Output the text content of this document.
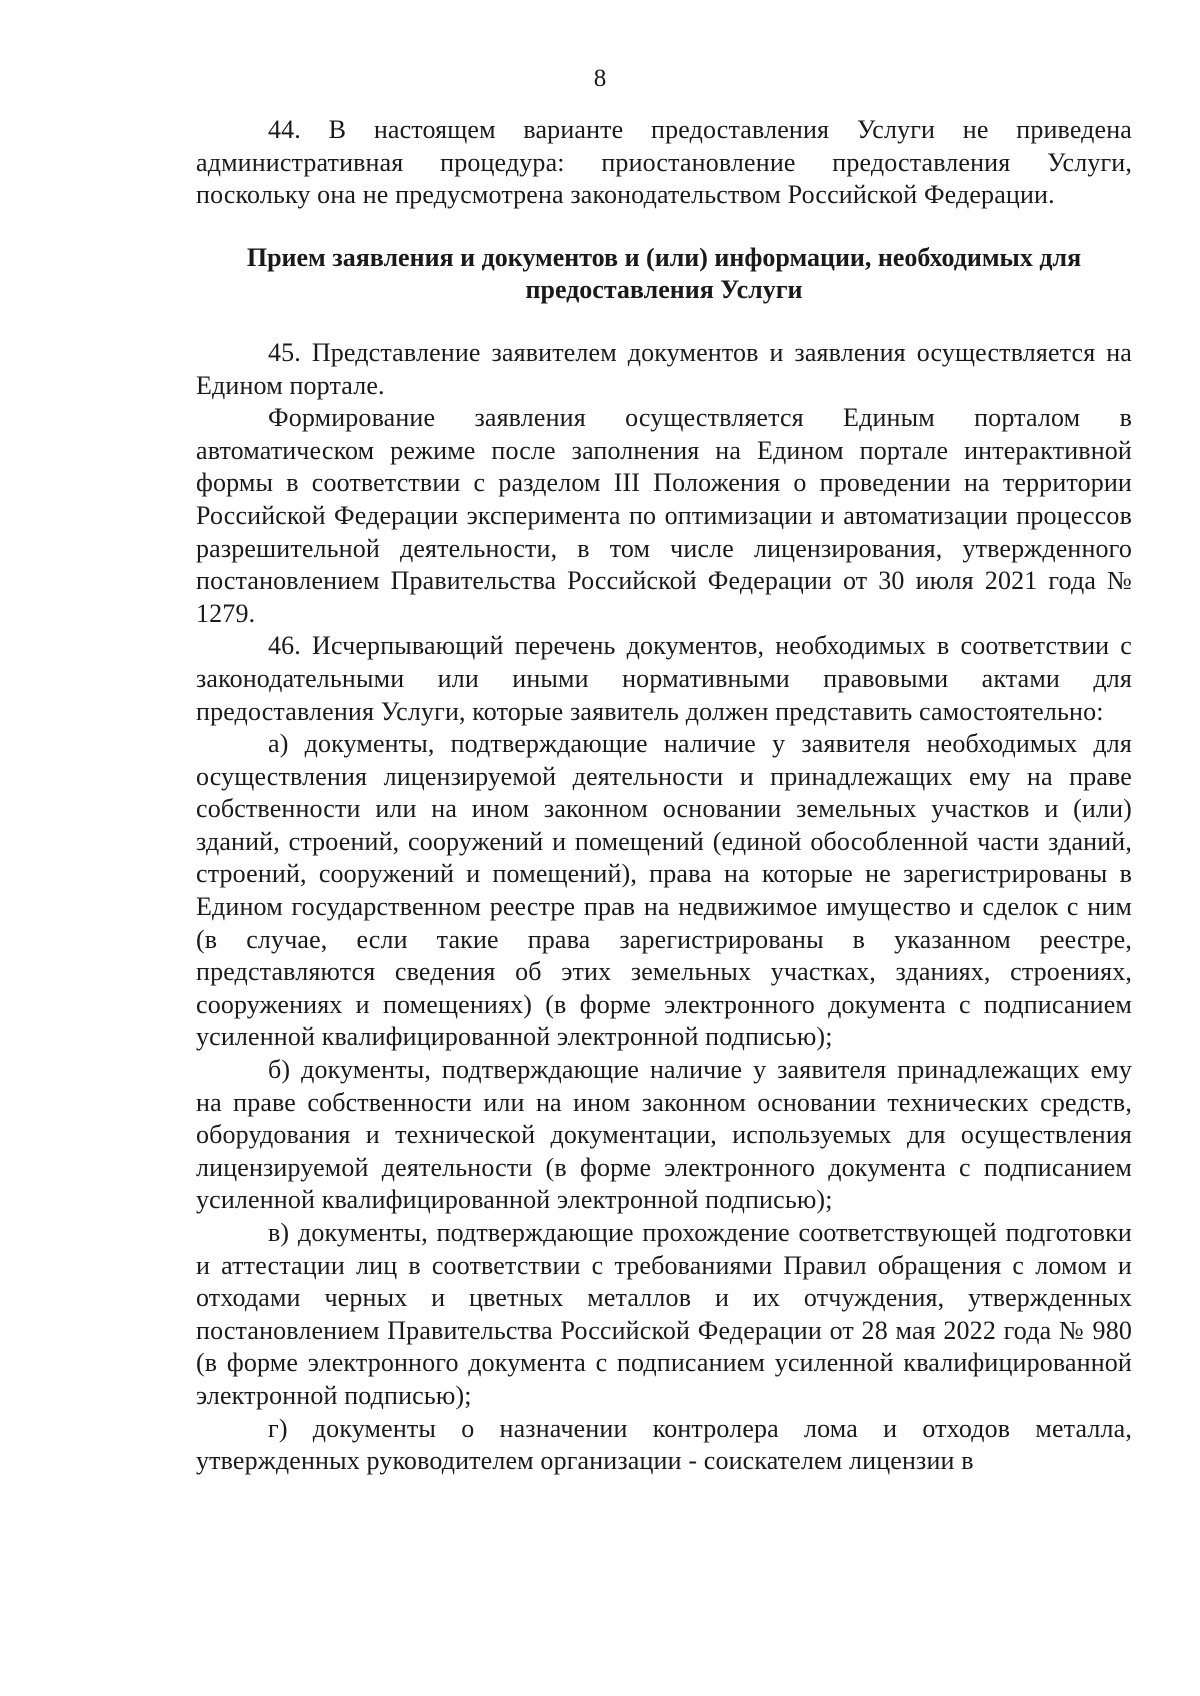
8

44. В настоящем варианте предоставления Услуги не приведена административная процедура: приостановление предоставления Услуги, поскольку она не предусмотрена законодательством Российской Федерации.

Прием заявления и документов и (или) информации, необходимых для предоставления Услуги

45. Представление заявителем документов и заявления осуществляется на Едином портале.

Формирование заявления осуществляется Единым порталом в автоматическом режиме после заполнения на Едином портале интерактивной формы в соответствии с разделом III Положения о проведении на территории Российской Федерации эксперимента по оптимизации и автоматизации процессов разрешительной деятельности, в том числе лицензирования, утвержденного постановлением Правительства Российской Федерации от 30 июля 2021 года № 1279.

46. Исчерпывающий перечень документов, необходимых в соответствии с законодательными или иными нормативными правовыми актами для предоставления Услуги, которые заявитель должен представить самостоятельно:

а) документы, подтверждающие наличие у заявителя необходимых для осуществления лицензируемой деятельности и принадлежащих ему на праве собственности или на ином законном основании земельных участков и (или) зданий, строений, сооружений и помещений (единой обособленной части зданий, строений, сооружений и помещений), права на которые не зарегистрированы в Едином государственном реестре прав на недвижимое имущество и сделок с ним (в случае, если такие права зарегистрированы в указанном реестре, представляются сведения об этих земельных участках, зданиях, строениях, сооружениях и помещениях) (в форме электронного документа с подписанием усиленной квалифицированной электронной подписью);

б) документы, подтверждающие наличие у заявителя принадлежащих ему на праве собственности или на ином законном основании технических средств, оборудования и технической документации, используемых для осуществления лицензируемой деятельности (в форме электронного документа с подписанием усиленной квалифицированной электронной подписью);

в) документы, подтверждающие прохождение соответствующей подготовки и аттестации лиц в соответствии с требованиями Правил обращения с ломом и отходами черных и цветных металлов и их отчуждения, утвержденных постановлением Правительства Российской Федерации от 28 мая 2022 года № 980 (в форме электронного документа с подписанием усиленной квалифицированной электронной подписью);

г) документы о назначении контролера лома и отходов металла, утвержденных руководителем организации - соискателем лицензии в
